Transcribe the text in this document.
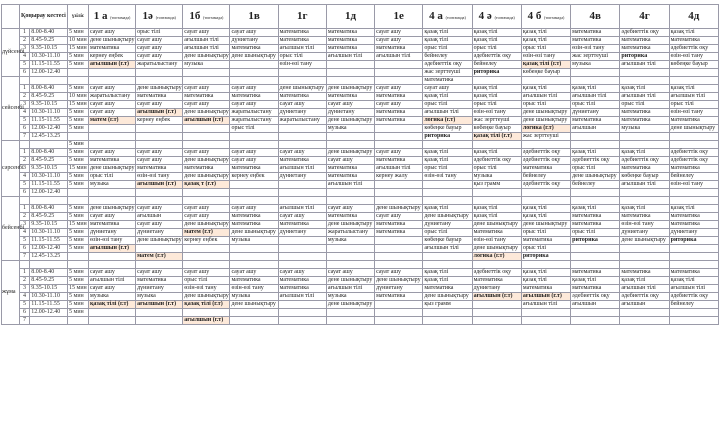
	Қоңырау кестесі		үзіліс	1 а (топтамада)	1ә (топтамада)	1б (топтамада)	1в	1г	1д	1е	4 а (топтамада)	4 ә (топтамада)	4 б (топтамада)	4в	4г	4д
дүйсенбі	1	8.00-8.40	5 мин	сауат ашу	орыс тілі	сауат ашу	сауат ашу	математика	математика	сауат ашу	қазақ тілі	қазақ тілі	қазақ тілі	математика	әдебиеттік оқу	қазақ тілі
	2	8.45-9.25	10 мин	дене шынықтыру	сауат ашу	ағылшын тілі	дүниетану	математика	математика	сауат ашу	қазақ тілі	қазақ тілі	қазақ тілі	математика	математика	математика
	3	9.35-10.15	15 мин	математика	сауат ашу	ағылшын тілі	математика	ағылшын тілі	математика	математика	орыс тілі	орыс тілі	орыс тілі	өзін-өзі тану	математика	әдебиеттік оқу
	4	10.30-11.10	5 мин	кернеу еңбек	сауат ашу	дене шынықтыру	дене шынықтыру	орыс тілі	ағылшын тілі	ағылшын тілі	бейнелеу	әдебиеттік оқу	өзін-өзі тану	жас зерттеуші	риторика	өзін-өзі тану
	5	11.15-11.55	5 мин	ағылшын (г.т)	жаратылыстану	музыка		өзін-өзі тану			әдебиеттік оқу	бейнелеу	қазақ тілі (г.т)	музыка	ағылшын тілі	көбеңке бауыр
	6	12.00-12.40									жас зерттеуші	риторика	көбеңке бауыр			
сейсенбі											математика					
	1	8.00-8.40	5 мин	сауат ашу	дене шынықтыру	сауат ашу	сауат ашу	дене шынықтыру	дене шынықтыру	сауат ашу	сауат ашу	қазақ тілі	қазақ тілі	қазақ тілі	қазақ тілі	қазақ тілі
	2	8.45-9.25	10 мин	жаратылыстану	математика	математика	математика	математика	математика	математика	қазақ тілі	қазақ тілі	ағылшын тілі	ағылшын тілі	ағылшын тілі	ағылшын тілі
	3	9.35-10.15	15 мин	сауат ашу	сауат ашу	сауат ашу	сауат ашу	сауат ашу	сауат ашу	сауат ашу	орыс тілі	орыс тілі	орыс тілі	орыс тілі	орыс тілі	орыс тілі
	4	10.30-11.10	5 мин	сауат ашу	ағылшын (г.т)	дене шынықтыру	жаратылыстану	дүниетану	дүниетану	математика	ағылшын тілі	өзін-өзі тану	дене шынықтыру	дүниетану	математика	өзін-өзі тану
	5	11.15-11.55	5 мин	матем (г.т)	кернеу еңбек	ағылшын (г.т)	жаратылыстану	жаратылыстану	дене шынықтыру	математика	логика (г.т)	жас зерттеуші	дене шынықтыру	математика	математика	математика
	6	12.00-12.40	5 мин				орыс тілі		музыка		көбеңке бауыр	көбеңке бауыр	логика (г.т)	ағылшын	музыка	дене шынықтыру
	7	12.45-13.25									риторика	қазақ тілі (г.т)	жас зерттеуші			
сәрсенбі			5 мин													
	1	8.00-8.40	5 мин	сауат ашу	сауат ашу	сауат ашу	сауат ашу	сауат ашу	дене шынықтыру	сауат ашу	қазақ тілі	қазақ тілі	әдебиеттік оқу	қазақ тілі	қазақ тілі	әдебиеттік оқу
	2	8.45-9.25	5 мин	математика	сауат ашу	дене шынықтыру	сауат ашу	математика	сауат ашу	математика	қазақ тілі	әдебиеттік оқу	әдебиеттік оқу	әдебиеттік оқу	әдебиеттік оқу	әдебиеттік оқу
	3	9.35-10.15	15 мин	дене шынықтыру	математика	математика	математика	ағылшын тілі	математика	ағылшын тілі	орыс тілі	орыс тілі	математика	орыс тілі	математика	математика
	4	10.30-11.10	5 мин	орыс тілі	өзін-өзі тану	дене шынықтыру	кернеу еңбек	дүниетану	математика	кернеу жалу	өзін-өзі тану	музыка	бейнелеу	дене шынықтыру	көбеңке бауыр	бейнелеу
	5	11.15-11.55	5 мин	музыка	ағылшын (г.т)	қазақ т (г.т)			ағылшын тілі			қыз грамм	әдебиеттік оқу	бейнелеу	ағылшын тілі	өзін-өзі тану
	6	12.00-12.40														
бейсенбі																
	1	8.00-8.40	5 мин	дене шынықтыру	сауат ашу	сауат ашу	сауат ашу	ағылшын тілі	сауат ашу	дене шынықтыру	қазақ тілі	қазақ тілі	қазақ тілі	қазақ тілі	қазақ тілі	қазақ тілі
	2	8.45-9.25	5 мин	сауат ашу	ағылшын	сауат ашу	математика	сауат ашу	математика	сауат ашу	дене шынықтыру	қазақ тілі	қазақ тілі	математика	математика	математика
	3	9.35-10.15	15 мин	математика	сауат ашу	дене шынықтыру	математика	математика	дене шынықтыру	математика	дүниетану	дене шынықтыру	дене шынықтыру	математика	өзін-өзі тану	математика
	4	10.30-11.10	5 мин	дүниетану	дүниетану	матем (г.т)	дене шынықтыру	дүниетану	жаратылыстану	математика	орыс тілі	математика	орыс тілі	орыс тілі	дүниетану	дүниетану
	5	11.15-11.55	5 мин	өзін-өзі тану	дене шынықтыру	кернеу еңбек	музыка		музыка		көбеңке бауыр	өзін-өзі тану	математика	риторика	дене шынықтыру	риторика
	6	12.00-12.40	5 мин	ағылшын (г.т)							ағылшын тілі	дене шынықтыру	орыс тілі			
	7	12.45-13.25			матем (г.т)							логика (г.т)	риторика			
жұма																
	1	8.00-8.40	5 мин	сауат ашу	сауат ашу	сауат ашу	сауат ашу	сауат ашу	сауат ашу	сауат ашу	қазақ тілі	әдебиеттік оқу	қазақ тілі	математика	математика	математика
	2	8.45-9.25	5 мин	ағылшын тілі	математика	орыс тілі	математика	математика	дене шынықтыру	дене шынықтыру	қазақ тілі	математика	қазақ тілі	қазақ тілі	қазақ тілі	қазақ тілі
	3	9.35-10.15	15 мин	сауат ашу	дүниетану	өзін-өзі тану	өзін-өзі тану	математика	ағылшын тілі	дүниетану	математика	дүниетану	математика	математика	ағылшын тілі	ағылшын тілі
	4	10.30-11.10	5 мин	музыка	музыка	дене шынықтыру	музыка	ағылшын тілі	музыка	математика	дене шынықтыру	ағылшын (г.т)	ағылшын (г.т)	әдебиеттік оқу	әдебиеттік оқу	әдебиеттік оқу
	5	11.15-11.55	5 мин	қазақ тілі (г.т)	ағылшын (г.т)	қазақ тілі (г.т)	дене шынықтыру		дене шынықтыру		қыз грамм		ағылшын тілі	ағылшын	ағылшын	бейнелеу
	6	12.00-12.40	5 мин													
	7					ағылшын (г.т)										
